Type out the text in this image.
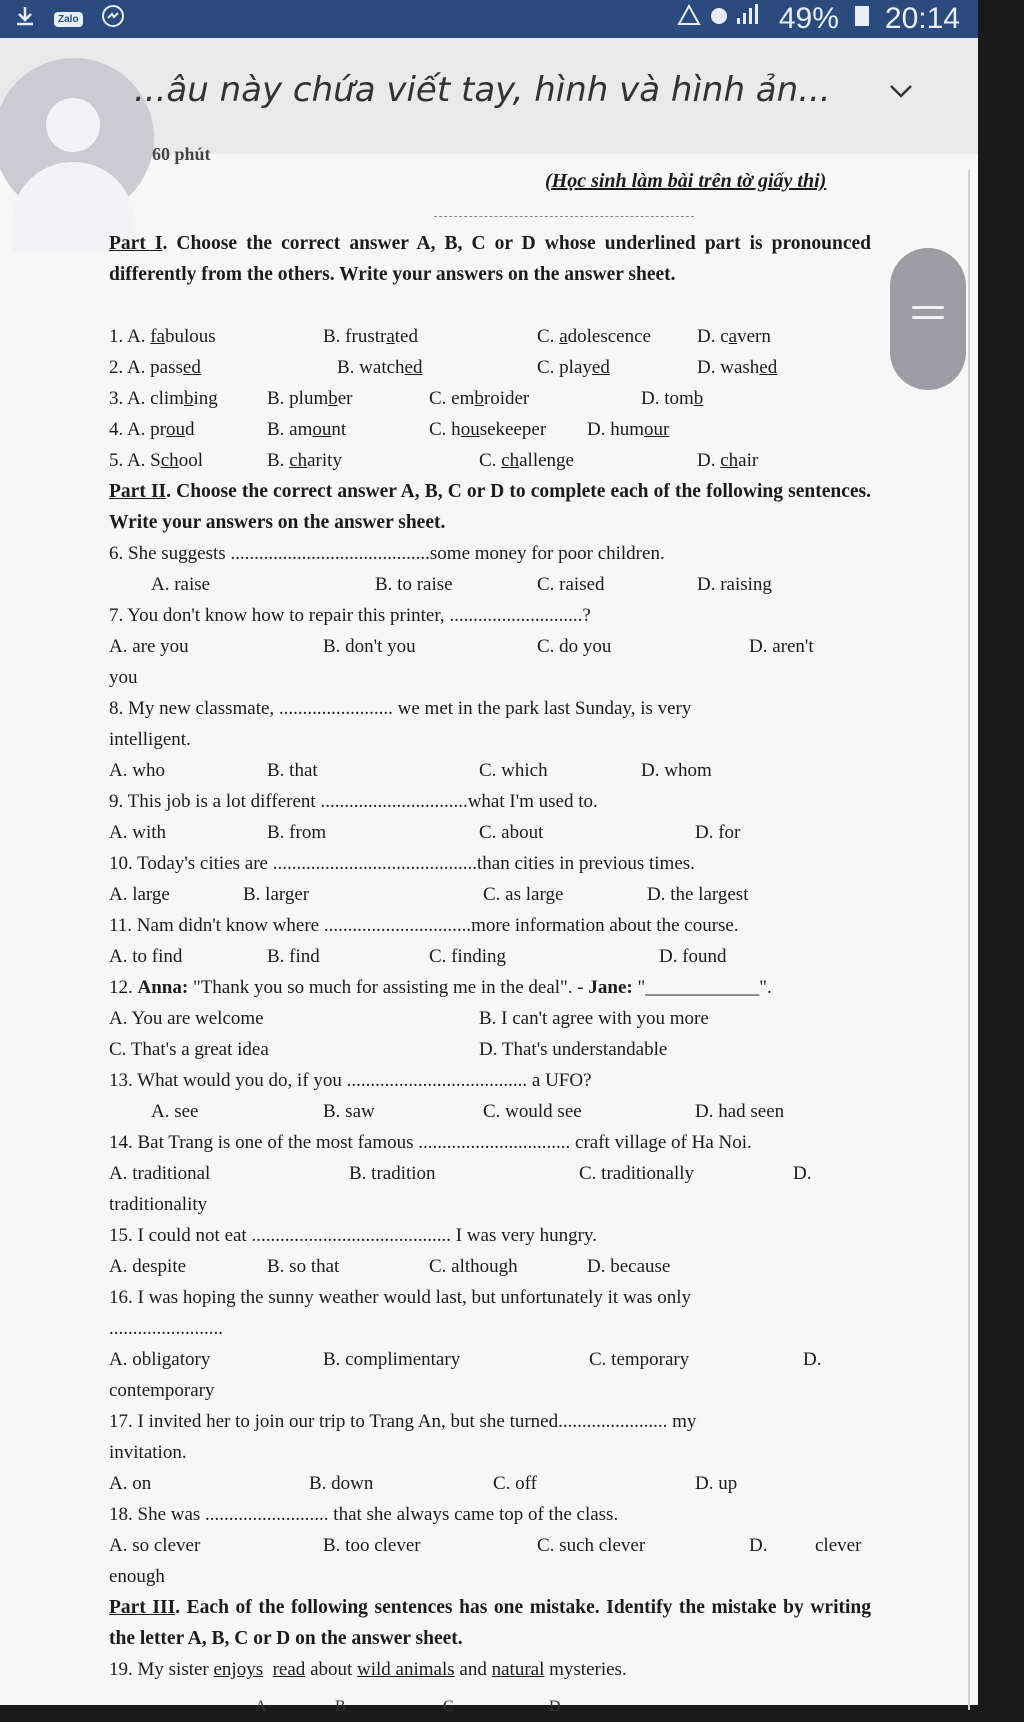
Zalo	49% 20:14
...âu này chứa viết tay, hình và hình ản...
60 phút
(Học sinh làm bài trên tờ giấy thi)
Part I. Choose the correct answer A, B, C or D whose underlined part is pronounced differently from the others. Write your answers on the answer sheet.
1. A. fabulous	B. frustrated	C. adolescence D. cavern
2. A. passed	B. watched	C. played	D. washed
3. A. climbing	B. plumber	C. embroider	D. tomb
4. A. proud	B. amount	C. housekeeper D. humour
5. A. School	B. charity	C. challenge	D. chair
Part II. Choose the correct answer A, B, C or D to complete each of the following sentences. Write your answers on the answer sheet.
6. She suggests ..........................................some money for poor children.
A. raise	B. to raise	C. raised	D. raising
7. You don't know how to repair this printer, ............................?
A. are you	B. don't you	C. do you	D. aren't
you
8. My new classmate, ........................ we met in the park last Sunday, is very
intelligent.
A. who	B. that	C. which	D. whom
9. This job is a lot different ...............................what I'm used to.
A. with	B. from	C. about	D. for
10. Today's cities are ...........................................than cities in previous times.
A. large	B. larger	C. as large	D. the largest
11. Nam didn't know where ...............................more information about the course.
A. to find	B. find	C. finding	D. found
12. Anna: "Thank you so much for assisting me in the deal". - Jane: "____________".
A. You are welcome	B. I can't agree with you more
C. That's a great idea	D. That's understandable
13. What would you do, if you ...................................... a UFO?
A. see	B. saw	C. would see	D. had seen
14. Bat Trang is one of the most famous ................................ craft village of Ha Noi.
A. traditional	B. tradition	C. traditionally	D.
traditionality
15. I could not eat .......................................... I was very hungry.
A. despite	B. so that	C. although	D. because
16. I was hoping the sunny weather would last, but unfortunately it was only
........................
A. obligatory	B. complimentary	C. temporary	D.
contemporary
17. I invited her to join our trip to Trang An, but she turned....................... my
invitation.
A. on	B. down	C. off	D. up
18. She was .......................... that she always came top of the class.
A. so clever	B. too clever	C. such clever	D.	clever
enough
Part III. Each of the following sentences has one mistake. Identify the mistake by writing the letter A, B, C or D on the answer sheet.
19. My sister enjoys read about wild animals and natural mysteries.
A	B	C	D
